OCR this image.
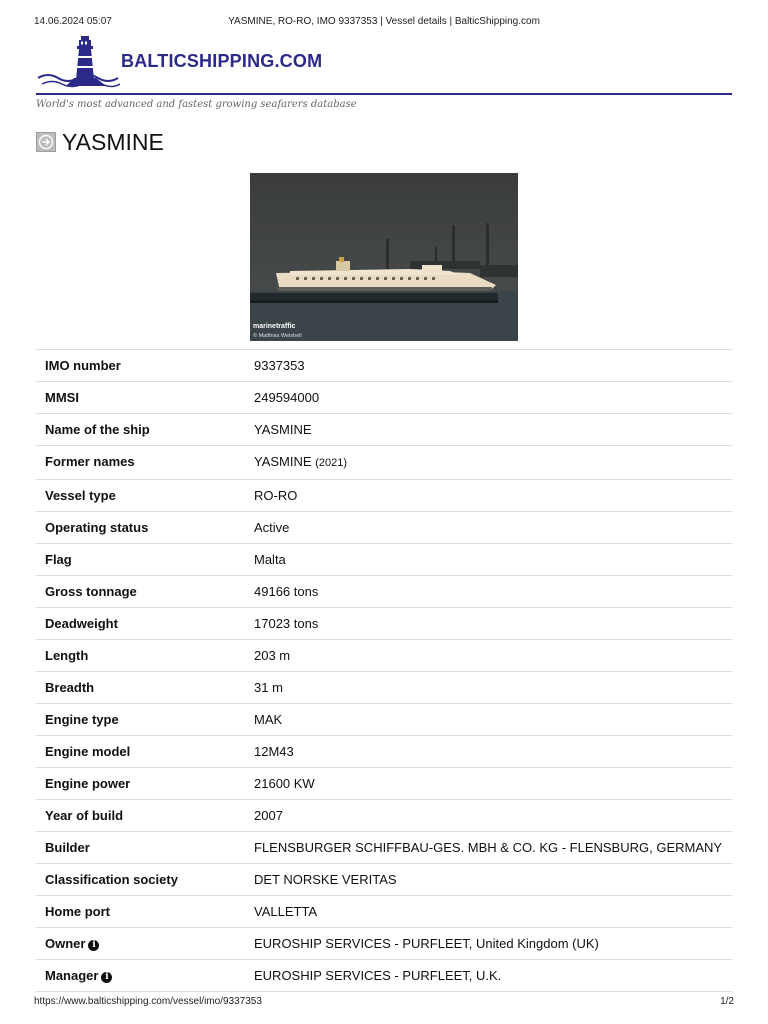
14.06.2024 05:07	YASMINE, RO-RO, IMO 9337353 | Vessel details | BalticShipping.com
BALTICSHIPPING.COM
World's most advanced and fastest growing seafarers database
YASMINE
marinetraffic
© Matthias Weishelt
IMO number	9337353
MMSI	249594000
Name of the ship	YASMINE
Former names	YASMINE (2021)
Vessel type	RO-RO
Operating status	Active
Flag	Malta
Gross tonnage	49166 tons
Deadweight	17023 tons
Length	203 m
Breadth	31 m
Engine type	MAK
Engine model	12M43
Engine power	21600 KW
Year of build	2007
Builder	FLENSBURGER SCHIFFBAU-GES. MBH & CO. KG - FLENSBURG, GERMANY
Classification society	DET NORSKE VERITAS
Home port	VALLETTA
Owner i	EUROSHIP SERVICES - PURFLEET, United Kingdom (UK)
Manager i	EUROSHIP SERVICES - PURFLEET, U.K.
https://www.balticshipping.com/vessel/imo/9337353	1/2
